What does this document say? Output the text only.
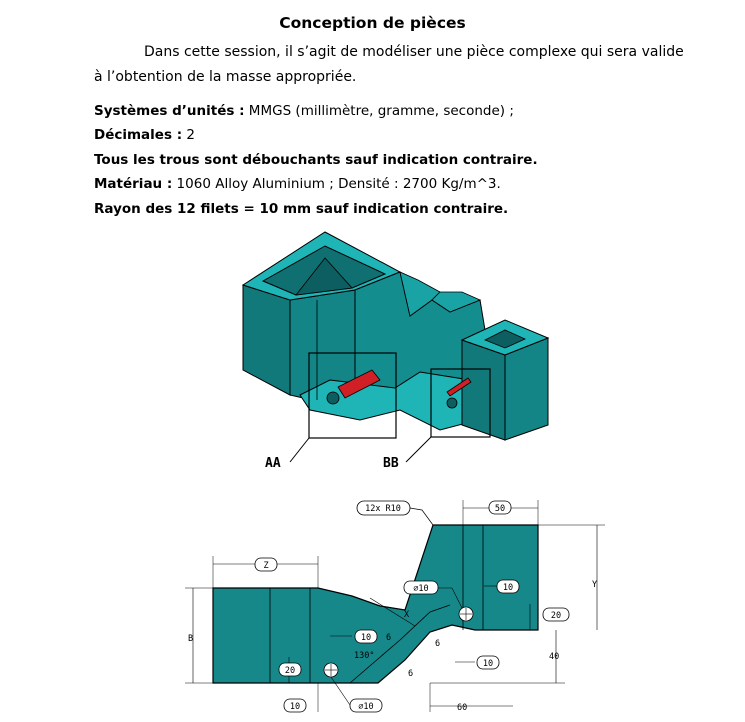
Conception de pièces
Dans cette session, il s’agit de modéliser une pièce complexe qui sera valide
à l’obtention de la masse appropriée.
Systèmes d’unités : MMGS (millimètre, gramme, seconde) ;
Décimales : 2
Tous les trous sont débouchants sauf indication contraire.
Matériau : 1060 Alloy Aluminium ; Densité : 2700 Kg/m^3.
Rayon des 12 filets = 10 mm sauf indication contraire.
AA	BB
12x R10	50
Z
Y
B
X
∅10	10
20
40
10 6
6
6
130°
20
10
10	∅10	60
